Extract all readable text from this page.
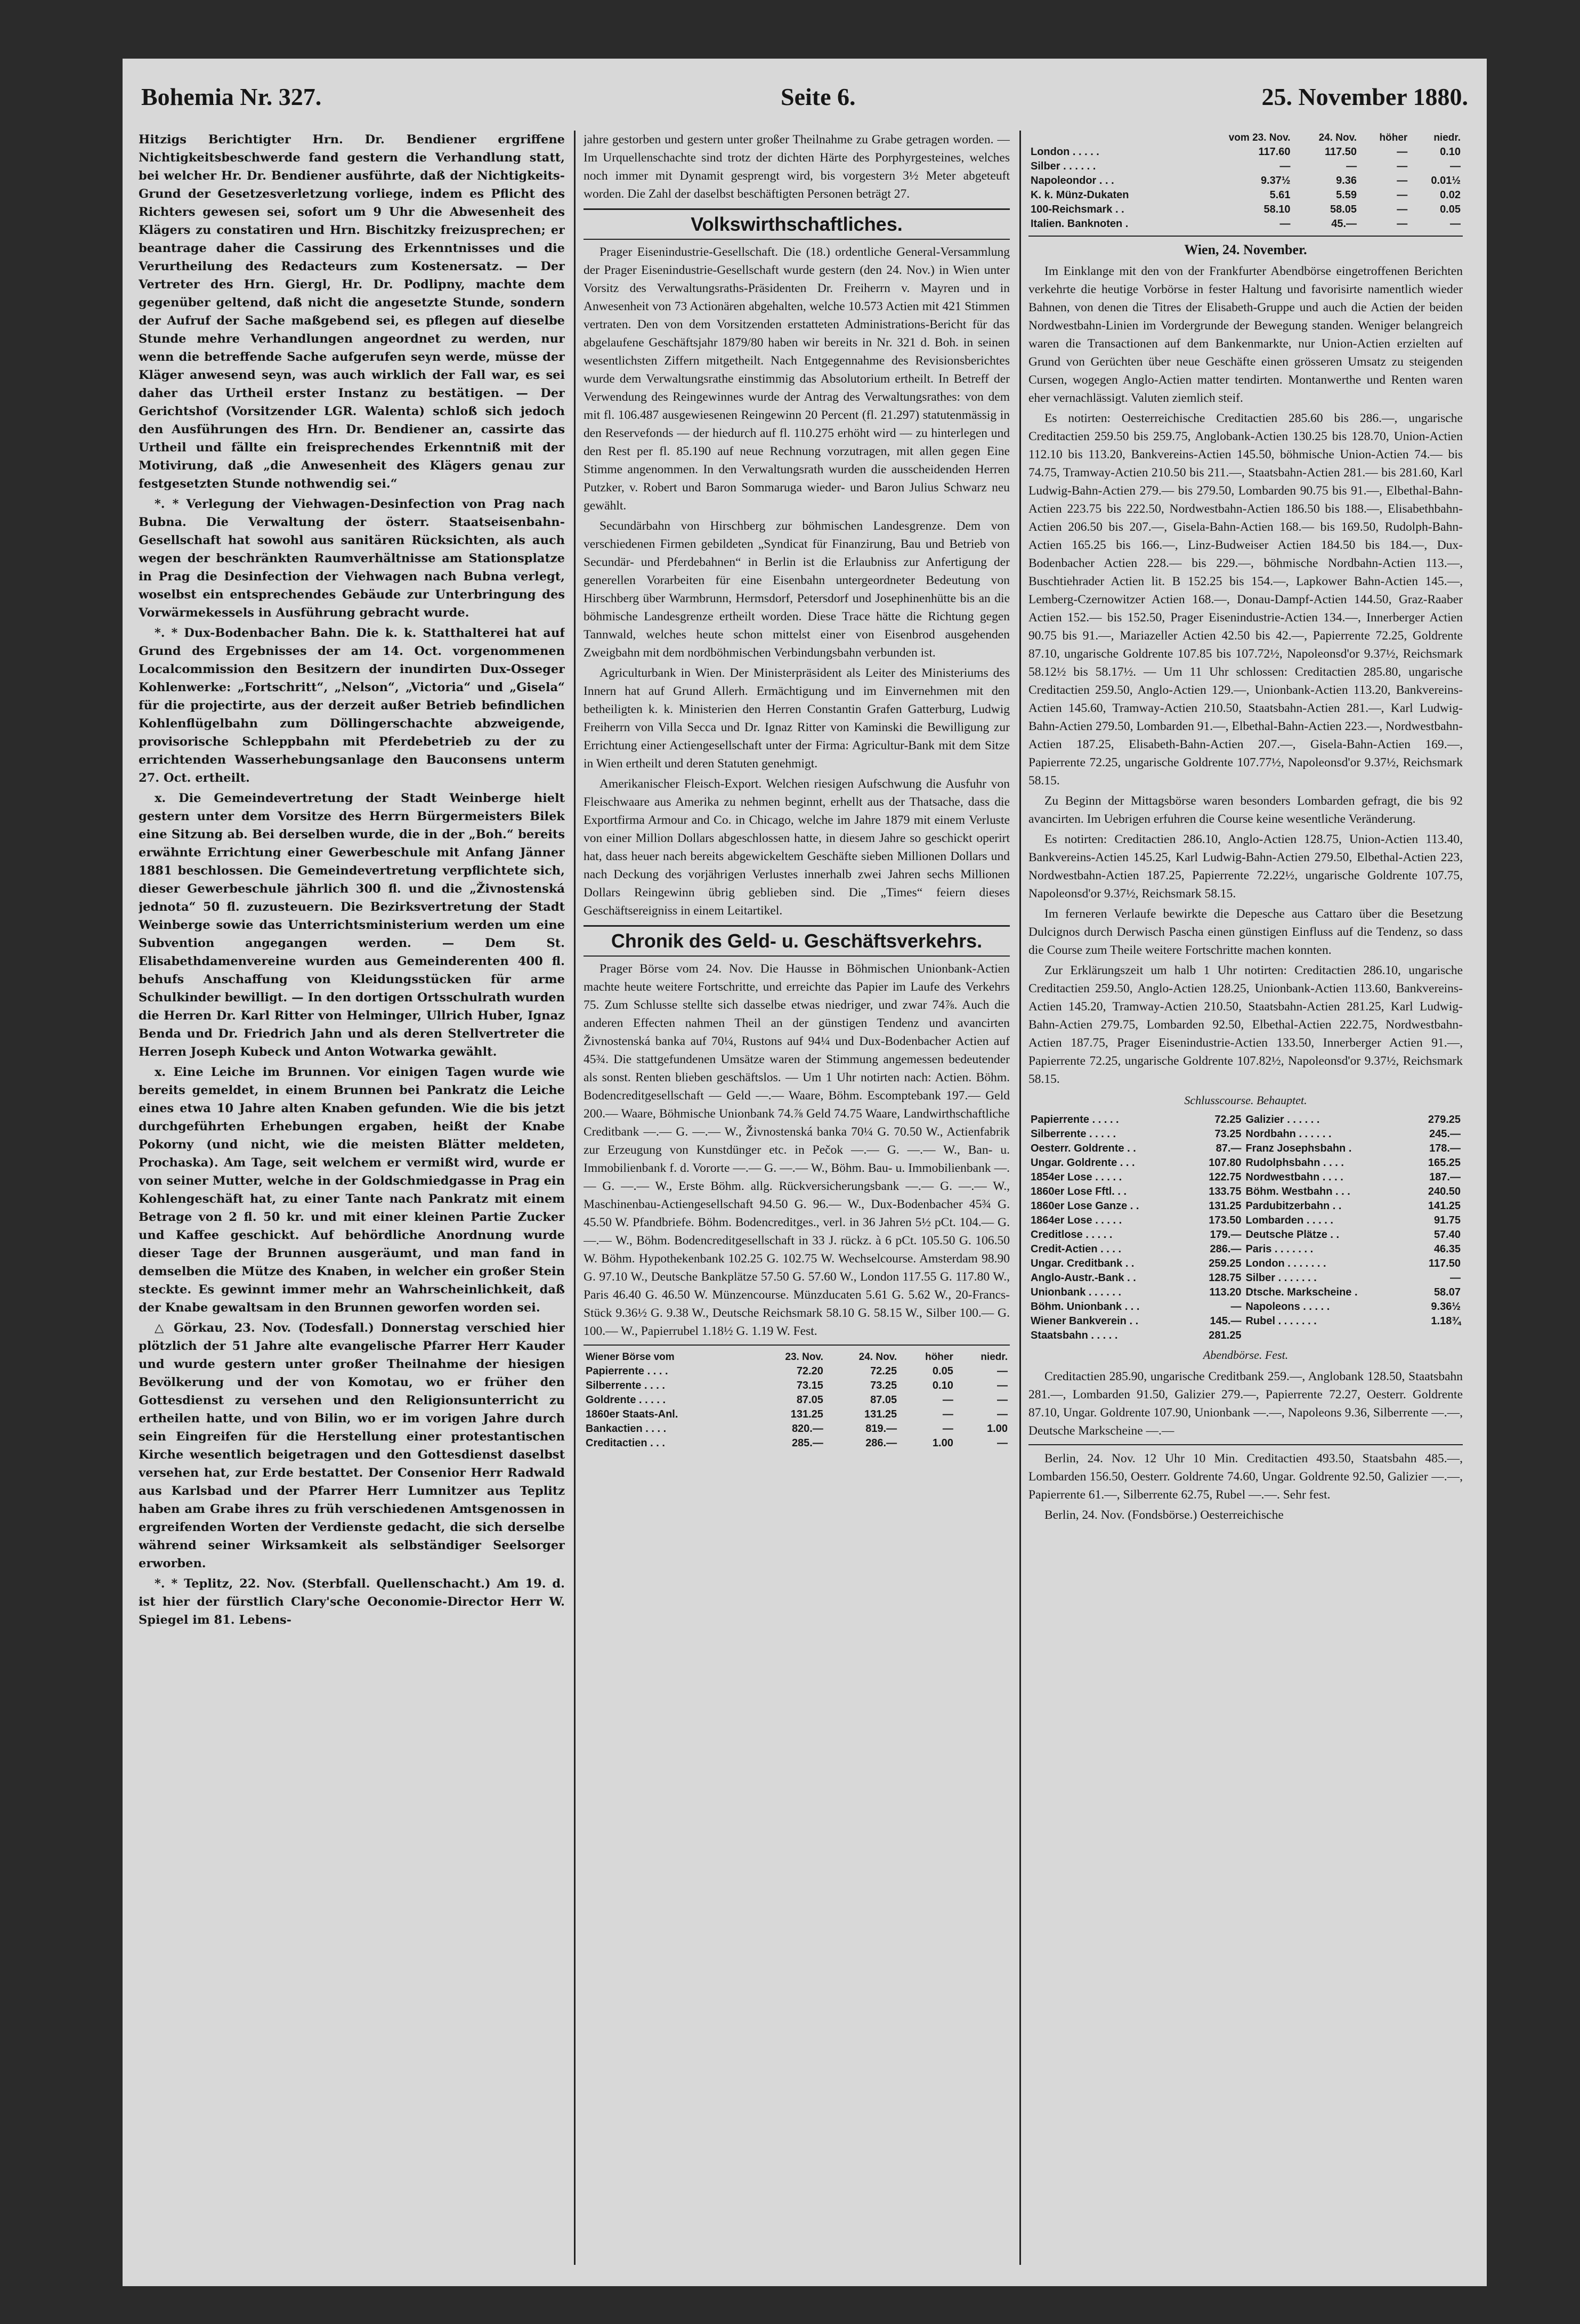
Bohemia Nr. 327.	Seite 6.	25. November 1880.

Hitzigs Berichtigter Hrn. Dr. Bendiener ergriffene Nichtigkeitsbeschwerde fand gestern die Verhandlung statt, bei welcher Hr. Dr. Bendiener ausführte, daß der Nichtigkeits-Grund der Gesetzesverletzung vorliege, indem es Pflicht des Richters gewesen sei, sofort um 9 Uhr die Abwesenheit des Klägers zu constatiren und Hrn. Bischitzky freizusprechen; er beantrage daher die Cassirung des Erkenntnisses und die Verurtheilung des Redacteurs zum Kostenersatz. — Der Vertreter des Hrn. Giergl, Hr. Dr. Podlipny, machte dem gegenüber geltend, daß nicht die angesetzte Stunde, sondern der Aufruf der Sache maßgebend sei, es pflegen auf dieselbe Stunde mehre Verhandlungen angeordnet zu werden, nur wenn die betreffende Sache aufgerufen seyn werde, müsse der Kläger anwesend seyn, was auch wirklich der Fall war, es sei daher das Urtheil erster Instanz zu bestätigen. — Der Gerichtshof (Vorsitzender LGR. Walenta) schloß sich jedoch den Ausführungen des Hrn. Dr. Bendiener an, cassirte das Urtheil und fällte ein freisprechendes Erkenntniß mit der Motivirung, daß „die Anwesenheit des Klägers genau zur festgesetzten Stunde nothwendig sei.“

*. * Verlegung der Viehwagen-Desinfection von Prag nach Bubna. Die Verwaltung der österr. Staatseisenbahn-Gesellschaft hat sowohl aus sanitären Rücksichten, als auch wegen der beschränkten Raumverhältnisse am Stationsplatze in Prag die Desinfection der Viehwagen nach Bubna verlegt, woselbst ein entsprechendes Gebäude zur Unterbringung des Vorwärmekessels in Ausführung gebracht wurde.

*. * Dux-Bodenbacher Bahn. Die k. k. Statthalterei hat auf Grund des Ergebnisses der am 14. Oct. vorgenommenen Localcommission den Besitzern der inundirten Dux-Osseger Kohlenwerke: „Fortschritt“, „Nelson“, „Victoria“ und „Gisela“ für die projectirte, aus der derzeit außer Betrieb befindlichen Kohlenflügelbahn zum Döllingerschachte abzweigende, provisorische Schleppbahn mit Pferdebetrieb zu der zu errichtenden Wasserhebungsanlage den Bauconsens unterm 27. Oct. ertheilt.

x. Die Gemeindevertretung der Stadt Weinberge hielt gestern unter dem Vorsitze des Herrn Bürgermeisters Bilek eine Sitzung ab. Bei derselben wurde, die in der „Boh.“ bereits erwähnte Errichtung einer Gewerbeschule mit Anfang Jänner 1881 beschlossen. Die Gemeindevertretung verpflichtete sich, dieser Gewerbeschule jährlich 300 fl. und die „Živnostenská jednota“ 50 fl. zuzusteuern. Die Bezirksvertretung der Stadt Weinberge sowie das Unterrichtsministerium werden um eine Subvention angegangen werden. — Dem St. Elisabethdamenvereine wurden aus Gemeinderenten 400 fl. behufs Anschaffung von Kleidungsstücken für arme Schulkinder bewilligt. — In den dortigen Ortsschulrath wurden die Herren Dr. Karl Ritter von Helminger, Ullrich Huber, Ignaz Benda und Dr. Friedrich Jahn und als deren Stellvertreter die Herren Joseph Kubeck und Anton Wotwarka gewählt.

x. Eine Leiche im Brunnen. Vor einigen Tagen wurde wie bereits gemeldet, in einem Brunnen bei Pankratz die Leiche eines etwa 10 Jahre alten Knaben gefunden. Wie die bis jetzt durchgeführten Erhebungen ergaben, heißt der Knabe Pokorny (und nicht, wie die meisten Blätter meldeten, Prochaska). Am Tage, seit welchem er vermißt wird, wurde er von seiner Mutter, welche in der Goldschmiedgasse in Prag ein Kohlengeschäft hat, zu einer Tante nach Pankratz mit einem Betrage von 2 fl. 50 kr. und mit einer kleinen Partie Zucker und Kaffee geschickt. Auf behördliche Anordnung wurde dieser Tage der Brunnen ausgeräumt, und man fand in demselben die Mütze des Knaben, in welcher ein großer Stein steckte. Es gewinnt immer mehr an Wahrscheinlichkeit, daß der Knabe gewaltsam in den Brunnen geworfen worden sei.

△ Görkau, 23. Nov. (Todesfall.) Donnerstag verschied hier plötzlich der 51 Jahre alte evangelische Pfarrer Herr Kauder und wurde gestern unter großer Theilnahme der hiesigen Bevölkerung und der von Komotau, wo er früher den Gottesdienst zu versehen und den Religionsunterricht zu ertheilen hatte, und von Bilin, wo er im vorigen Jahre durch sein Eingreifen für die Herstellung einer protestantischen Kirche wesentlich beigetragen und den Gottesdienst daselbst versehen hat, zur Erde bestattet. Der Consenior Herr Radwald aus Karlsbad und der Pfarrer Herr Lumnitzer aus Teplitz haben am Grabe ihres zu früh verschiedenen Amtsgenossen in ergreifenden Worten der Verdienste gedacht, die sich derselbe während seiner Wirksamkeit als selbständiger Seelsorger erworben.

*. * Teplitz, 22. Nov. (Sterbfall. Quellenschacht.) Am 19. d. ist hier der fürstlich Clary'sche Oeconomie-Director Herr W. Spiegel im 81. Lebens-

jahre gestorben und gestern unter großer Theilnahme zu Grabe getragen worden. — Im Urquellenschachte sind trotz der dichten Härte des Porphyrgesteines, welches noch immer mit Dynamit gesprengt wird, bis vorgestern 3½ Meter abgeteuft worden. Die Zahl der daselbst beschäftigten Personen beträgt 27.

Volkswirthschaftliches.

Prager Eisenindustrie-Gesellschaft. Die (18.) ordentliche General-Versammlung der Prager Eisenindustrie-Gesellschaft wurde gestern (den 24. Nov.) in Wien unter Vorsitz des Verwaltungsraths-Präsidenten Dr. Freiherrn v. Mayren und in Anwesenheit von 73 Actionären abgehalten, welche 10.573 Actien mit 421 Stimmen vertraten. Den von dem Vorsitzenden erstatteten Administrations-Bericht für das abgelaufene Geschäftsjahr 1879/80 haben wir bereits in Nr. 321 d. Boh. in seinen wesentlichsten Ziffern mitgetheilt. Nach Entgegennahme des Revisionsberichtes wurde dem Verwaltungsrathe einstimmig das Absolutorium ertheilt. In Betreff der Verwendung des Reingewinnes wurde der Antrag des Verwaltungsrathes: von dem mit fl. 106.487 ausgewiesenen Reingewinn 20 Percent (fl. 21.297) statutenmässig in den Reservefonds — der hiedurch auf fl. 110.275 erhöht wird — zu hinterlegen und den Rest per fl. 85.190 auf neue Rechnung vorzutragen, mit allen gegen Eine Stimme angenommen. In den Verwaltungsrath wurden die ausscheidenden Herren Putzker, v. Robert und Baron Sommaruga wieder- und Baron Julius Schwarz neu gewählt.

Secundärbahn von Hirschberg zur böhmischen Landesgrenze. Dem von verschiedenen Firmen gebildeten „Syndicat für Finanzirung, Bau und Betrieb von Secundär- und Pferdebahnen“ in Berlin ist die Erlaubniss zur Anfertigung der generellen Vorarbeiten für eine Eisenbahn untergeordneter Bedeutung von Hirschberg über Warmbrunn, Hermsdorf, Petersdorf und Josephinenhütte bis an die böhmische Landesgrenze ertheilt worden. Diese Trace hätte die Richtung gegen Tannwald, welches heute schon mittelst einer von Eisenbrod ausgehenden Zweigbahn mit dem nordböhmischen Verbindungsbahn verbunden ist.

Agriculturbank in Wien. Der Ministerpräsident als Leiter des Ministeriums des Innern hat auf Grund Allerh. Ermächtigung und im Einvernehmen mit den betheiligten k. k. Ministerien den Herren Constantin Grafen Gatterburg, Ludwig Freiherrn von Villa Secca und Dr. Ignaz Ritter von Kaminski die Bewilligung zur Errichtung einer Actiengesellschaft unter der Firma: Agricultur-Bank mit dem Sitze in Wien ertheilt und deren Statuten genehmigt.

Amerikanischer Fleisch-Export. Welchen riesigen Aufschwung die Ausfuhr von Fleischwaare aus Amerika zu nehmen beginnt, erhellt aus der Thatsache, dass die Exportfirma Armour and Co. in Chicago, welche im Jahre 1879 mit einem Verluste von einer Million Dollars abgeschlossen hatte, in diesem Jahre so geschickt operirt hat, dass heuer nach bereits abgewickeltem Geschäfte sieben Millionen Dollars und nach Deckung des vorjährigen Verlustes innerhalb zwei Jahren sechs Millionen Dollars Reingewinn übrig geblieben sind. Die „Times“ feiern dieses Geschäftsereigniss in einem Leitartikel.

Chronik des Geld- u. Geschäftsverkehrs.

Prager Börse vom 24. Nov. Die Hausse in Böhmischen Unionbank-Actien machte heute weitere Fortschritte, und erreichte das Papier im Laufe des Verkehrs 75. Zum Schlusse stellte sich dasselbe etwas niedriger, und zwar 74⅞. Auch die anderen Effecten nahmen Theil an der günstigen Tendenz und avancirten Živnostenská banka auf 70¼, Rustons auf 94¼ und Dux-Bodenbacher Actien auf 45¾. Die stattgefundenen Umsätze waren der Stimmung angemessen bedeutender als sonst. Renten blieben geschäftslos. — Um 1 Uhr notirten nach: Actien. Böhm. Bodencreditgesellschaft — Geld —.— Waare, Böhm. Escomptebank 197.— Geld 200.— Waare, Böhmische Unionbank 74.⅞ Geld 74.75 Waare, Landwirthschaftliche Creditbank —.— G. —.— W., Živnostenská banka 70¼ G. 70.50 W., Actienfabrik zur Erzeugung von Kunstdünger etc. in Pečok —.— G. —.— W., Ban- u. Immobilienbank f. d. Vororte —.— G. —.— W., Böhm. Bau- u. Immobilienbank —.— G. —.— W., Erste Böhm. allg. Rückversicherungsbank —.— G. —.— W., Maschinenbau-Actiengesellschaft 94.50 G. 96.— W., Dux-Bodenbacher 45¾ G. 45.50 W. Pfandbriefe. Böhm. Bodencreditges., verl. in 36 Jahren 5½ pCt. 104.— G. —.— W., Böhm. Bodencreditgesellschaft in 33 J. rückz. à 6 pCt. 105.50 G. 106.50 W. Böhm. Hypothekenbank 102.25 G. 102.75 W. Wechselcourse. Amsterdam 98.90 G. 97.10 W., Deutsche Bankplätze 57.50 G. 57.60 W., London 117.55 G. 117.80 W., Paris 46.40 G. 46.50 W. Münzencourse. Münzducaten 5.61 G. 5.62 W., 20-Francs-Stück 9.36½ G. 9.38 W., Deutsche Reichsmark 58.10 G. 58.15 W., Silber 100.— G. 100.— W., Papierrubel 1.18½ G. 1.19 W. Fest.

Wiener Börse vom	23. Nov.	24. Nov.	höher	niedr.
Papierrente . . . .	72.20	72.25	0.05	—
Silberrente . . . .	73.15	73.25	0.10	—
Goldrente . . . . .	87.05	87.05	—	—
1860er Staats-Anl.	131.25	131.25	—	—
Bankactien . . . .	820.—	819.—	—	1.00
Creditactien . . .	285.—	286.—	1.00	—
	vom 23. Nov.	24. Nov.	höher	niedr.
London . . . . .	117.60	117.50	—	0.10
Silber . . . . . .	—	—	—	—
Napoleondor . . .	9.37½	9.36	—	0.01½
K. k. Münz-Dukaten	5.61	5.59	—	0.02
100-Reichsmark . .	58.10	58.05	—	0.05
Italien. Banknoten .	—	45.—	—	—
Wien, 24. November.

Im Einklange mit den von der Frankfurter Abendbörse eingetroffenen Berichten verkehrte die heutige Vorbörse in fester Haltung und favorisirte namentlich wieder Bahnen, von denen die Titres der Elisabeth-Gruppe und auch die Actien der beiden Nordwestbahn-Linien im Vordergrunde der Bewegung standen. Weniger belangreich waren die Transactionen auf dem Bankenmarkte, nur Union-Actien erzielten auf Grund von Gerüchten über neue Geschäfte einen grösseren Umsatz zu steigenden Cursen, wogegen Anglo-Actien matter tendirten. Montanwerthe und Renten waren eher vernachlässigt. Valuten ziemlich steif.

Es notirten: Oesterreichische Creditactien 285.60 bis 286.—, ungarische Creditactien 259.50 bis 259.75, Anglobank-Actien 130.25 bis 128.70, Union-Actien 112.10 bis 113.20, Bankvereins-Actien 145.50, böhmische Union-Actien 74.— bis 74.75, Tramway-Actien 210.50 bis 211.—, Staatsbahn-Actien 281.— bis 281.60, Karl Ludwig-Bahn-Actien 279.— bis 279.50, Lombarden 90.75 bis 91.—, Elbethal-Bahn-Actien 223.75 bis 222.50, Nordwestbahn-Actien 186.50 bis 188.—, Elisabethbahn-Actien 206.50 bis 207.—, Gisela-Bahn-Actien 168.— bis 169.50, Rudolph-Bahn-Actien 165.25 bis 166.—, Linz-Budweiser Actien 184.50 bis 184.—, Dux-Bodenbacher Actien 228.— bis 229.—, böhmische Nordbahn-Actien 113.—, Buschtiehrader Actien lit. B 152.25 bis 154.—, Lapkower Bahn-Actien 145.—, Lemberg-Czernowitzer Actien 168.—, Donau-Dampf-Actien 144.50, Graz-Raaber Actien 152.— bis 152.50, Prager Eisenindustrie-Actien 134.—, Innerberger Actien 90.75 bis 91.—, Mariazeller Actien 42.50 bis 42.—, Papierrente 72.25, Goldrente 87.10, ungarische Goldrente 107.85 bis 107.72½, Napoleonsd'or 9.37½, Reichsmark 58.12½ bis 58.17½. — Um 11 Uhr schlossen: Creditactien 285.80, ungarische Creditactien 259.50, Anglo-Actien 129.—, Unionbank-Actien 113.20, Bankvereins-Actien 145.60, Tramway-Actien 210.50, Staatsbahn-Actien 281.—, Karl Ludwig-Bahn-Actien 279.50, Lombarden 91.—, Elbethal-Bahn-Actien 223.—, Nordwestbahn-Actien 187.25, Elisabeth-Bahn-Actien 207.—, Gisela-Bahn-Actien 169.—, Papierrente 72.25, ungarische Goldrente 107.77½, Napoleonsd'or 9.37½, Reichsmark 58.15.

Zu Beginn der Mittagsbörse waren besonders Lombarden gefragt, die bis 92 avancirten. Im Uebrigen erfuhren die Course keine wesentliche Veränderung.

Es notirten: Creditactien 286.10, Anglo-Actien 128.75, Union-Actien 113.40, Bankvereins-Actien 145.25, Karl Ludwig-Bahn-Actien 279.50, Elbethal-Actien 223, Nordwestbahn-Actien 187.25, Papierrente 72.22½, ungarische Goldrente 107.75, Napoleonsd'or 9.37½, Reichsmark 58.15.

Im ferneren Verlaufe bewirkte die Depesche aus Cattaro über die Besetzung Dulcignos durch Derwisch Pascha einen günstigen Einfluss auf die Tendenz, so dass die Course zum Theile weitere Fortschritte machen konnten.

Zur Erklärungszeit um halb 1 Uhr notirten: Creditactien 286.10, ungarische Creditactien 259.50, Anglo-Actien 128.25, Unionbank-Actien 113.60, Bankvereins-Actien 145.20, Tramway-Actien 210.50, Staatsbahn-Actien 281.25, Karl Ludwig-Bahn-Actien 279.75, Lombarden 92.50, Elbethal-Actien 222.75, Nordwestbahn-Actien 187.75, Prager Eisenindustrie-Actien 133.50, Innerberger Actien 91.—, Papierrente 72.25, ungarische Goldrente 107.82½, Napoleonsd'or 9.37½, Reichsmark 58.15.

Schlusscourse. Behauptet.
Papierrente . . . . .	72.25	Galizier . . . . . .	279.25
Silberrente . . . . .	73.25	Nordbahn . . . . . .	245.—
Oesterr. Goldrente . .	87.—	Franz Josephsbahn .	178.—
Ungar. Goldrente . . .	107.80	Rudolphsbahn . . . .	165.25
1854er Lose . . . . .	122.75	Nordwestbahn . . . .	187.—
1860er Lose Fftl. . .	133.75	Böhm. Westbahn . . .	240.50
1860er Lose Ganze . .	131.25	Pardubitzerbahn . .	141.25
1864er Lose . . . . .	173.50	Lombarden . . . . .	91.75
Creditlose . . . . .	179.—	Deutsche Plätze . .	57.40
Credit-Actien . . . .	286.—	Paris . . . . . . .	46.35
Ungar. Creditbank . .	259.25	London . . . . . . .	117.50
Anglo-Austr.-Bank . .	128.75	Silber . . . . . . .	—
Unionbank . . . . . .	113.20	Dtsche. Markscheine .	58.07
Böhm. Unionbank . . .	—	Napoleons . . . . .	9.36½
Wiener Bankverein . .	145.—	Rubel . . . . . . .	1.18¾
Staatsbahn . . . . .	281.25		
Abendbörse. Fest.

Creditactien 285.90, ungarische Creditbank 259.—, Anglobank 128.50, Staatsbahn 281.—, Lombarden 91.50, Galizier 279.—, Papierrente 72.27, Oesterr. Goldrente 87.10, Ungar. Goldrente 107.90, Unionbank —.—, Napoleons 9.36, Silberrente —.—, Deutsche Markscheine —.—

Berlin, 24. Nov. 12 Uhr 10 Min. Creditactien 493.50, Staatsbahn 485.—, Lombarden 156.50, Oesterr. Goldrente 74.60, Ungar. Goldrente 92.50, Galizier —.—, Papierrente 61.—, Silberrente 62.75, Rubel —.—. Sehr fest.

Berlin, 24. Nov. (Fondsbörse.) Oesterreichische
